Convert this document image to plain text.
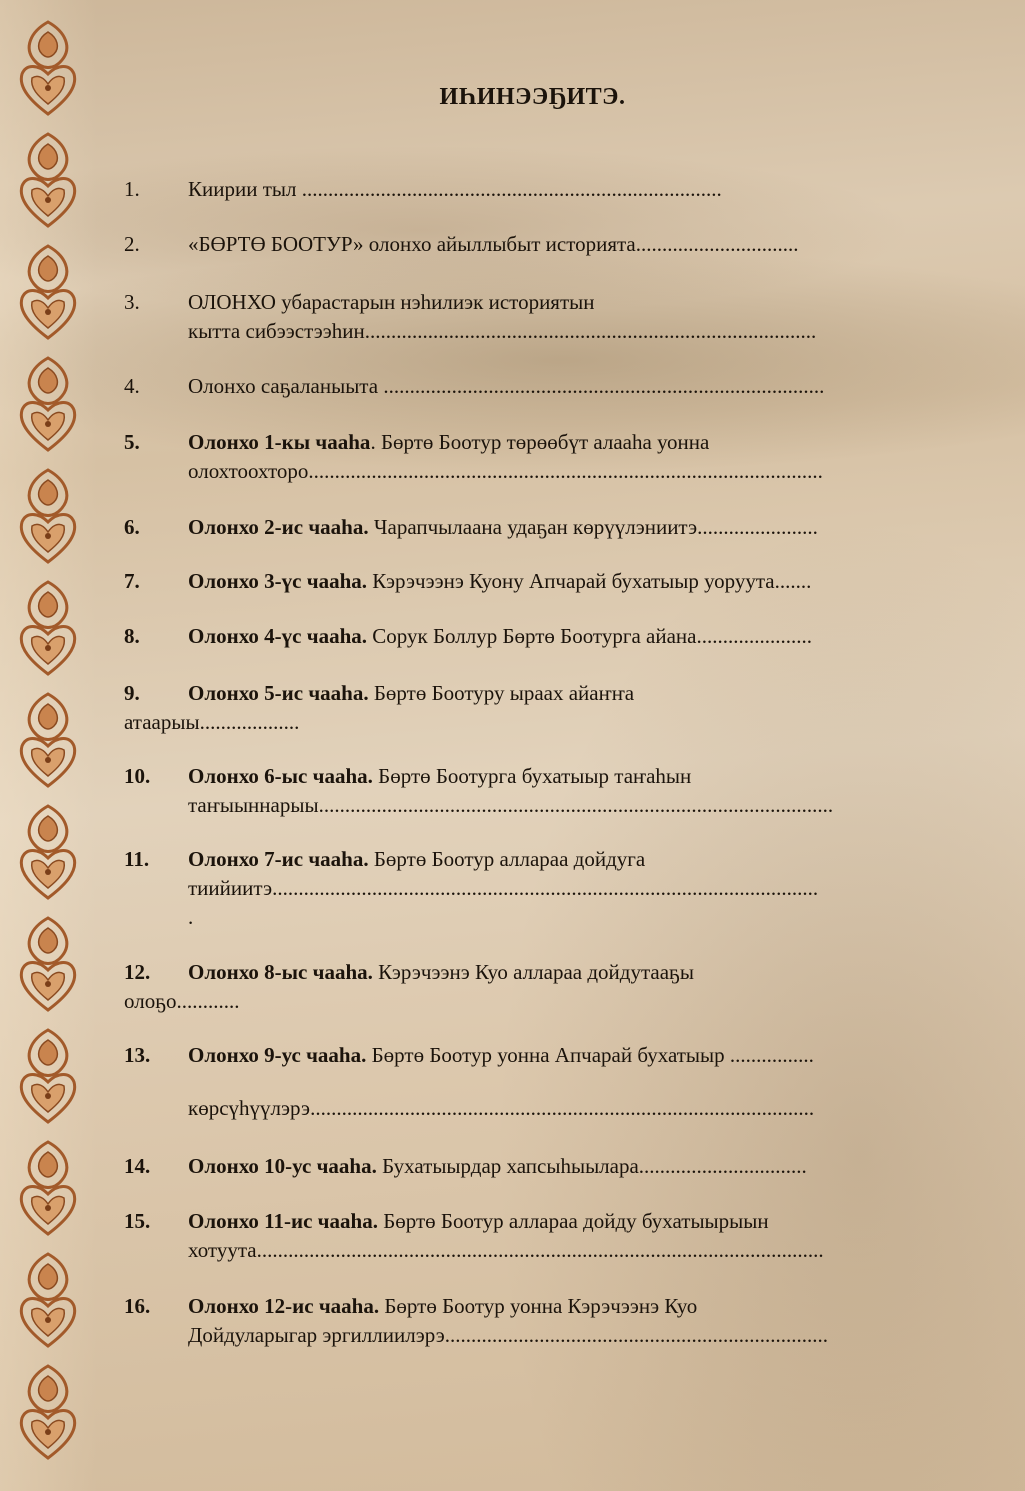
ИҺИНЭЭҔИТЭ.
1.	Киирии тыл ................................................................................
2.	«БӨРТӨ БООТУР» олонхо айыллыбыт историята...............................
3.	ОЛОНХО убарастарын нэһилиэк историятын
кытта сибээстээһин......................................................................................
4.	Олонхо саҕаланыыта ....................................................................................
5.	Олонхо 1-кы чааһа. Бөртө Боотур төрөөбүт алааһа уонна
олохтоохторо..................................................................................................
6.	Олонхо 2-ис чааһа. Чарапчылаана удаҕан көрүүлэниитэ.......................
7.	Олонхо 3-үс чааһа. Кэрэчээнэ Куону Апчарай бухатыыр уоруута.......
8.	Олонхо 4-үс чааһа. Сорук Боллур Бөртө Боотурга айана......................
9.	Олонхо 5-ис чааһа. Бөртө Боотуру ыраах айаҥҥа
атаарыы...................
10.	Олонхо 6-ыс чааһа. Бөртө Боотурга бухатыыр таҥаһын
таҥыыннарыы..................................................................................................
11.	Олонхо 7-ис чааһа. Бөртө Боотур аллараа дойдуга
тиийиитэ........................................................................................................
.
12.	Олонхо 8-ыс чааһа. Кэрэчээнэ Куо аллараа дойдутааҕы
олоҕо............
13.	Олонхо 9-ус чааһа. Бөртө Боотур уонна Апчарай бухатыыр ................
көрсүһүүлэрэ................................................................................................
14.	Олонхо 10-ус чааһа. Бухатыырдар хапсыһыылара................................
15.	Олонхо 11-ис чааһа. Бөртө Боотур аллараа дойду бухатыырыын
хотуута............................................................................................................
16.	Олонхо 12-ис чааһа. Бөртө Боотур уонна Кэрэчээнэ Куо
Дойдуларыгар эргиллиилэрэ.........................................................................
